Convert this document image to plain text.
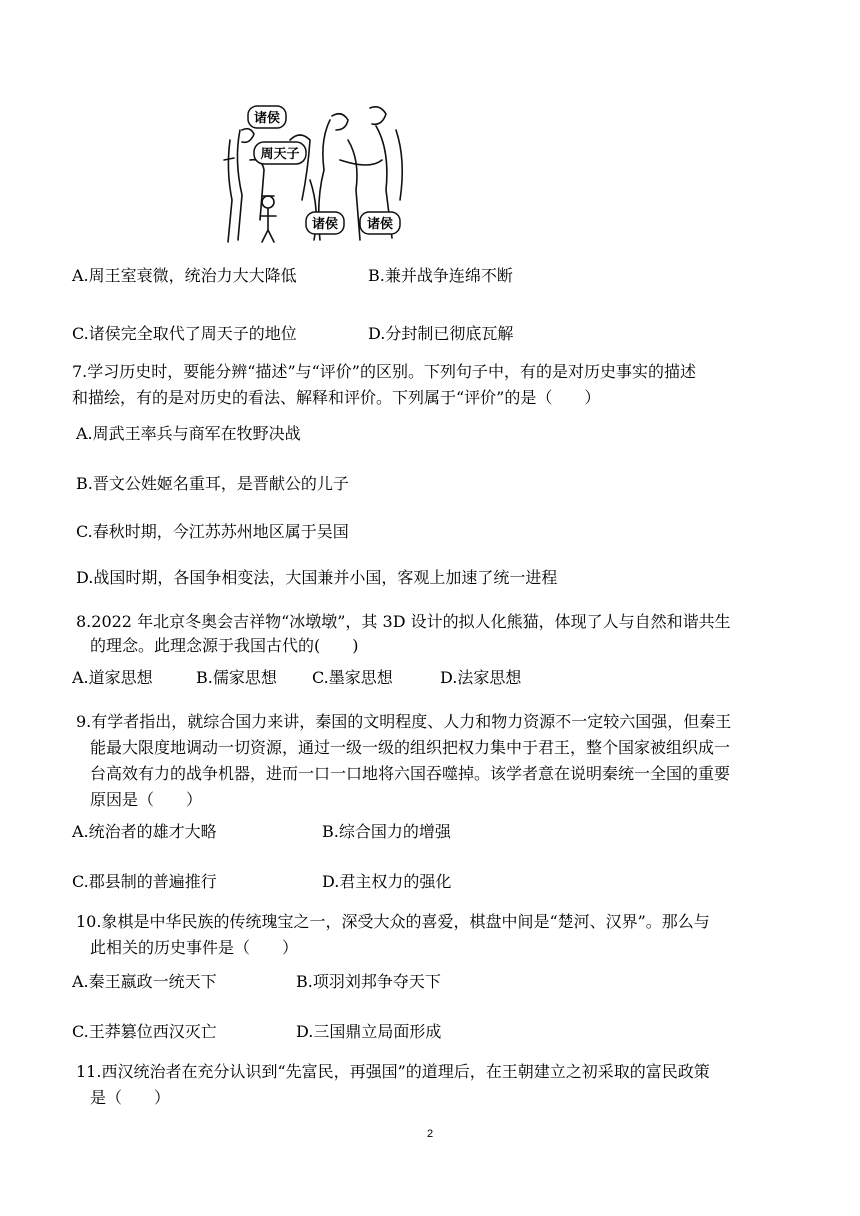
诸侯
周天子
诸侯 诸侯
A.周王室衰微，统治力大大降低	B.兼并战争连绵不断
C.诸侯完全取代了周天子的地位	D.分封制已彻底瓦解
7.学习历史时，要能分辨“描述”与“评价”的区别。下列句子中，有的是对历史事实的描述
和描绘，有的是对历史的看法、解释和评价。下列属于“评价”的是（　　）
A.周武王率兵与商军在牧野决战
B.晋文公姓姬名重耳，是晋献公的儿子
C.春秋时期，今江苏苏州地区属于吴国
D.战国时期，各国争相变法，大国兼并小国，客观上加速了统一进程
8.2022 年北京冬奥会吉祥物“冰墩墩”，其 3D 设计的拟人化熊猫，体现了人与自然和谐共生
的理念。此理念源于我国古代的(　　)
A.道家思想	B.儒家思想 C.墨家思想	D.法家思想
9.有学者指出，就综合国力来讲，秦国的文明程度、人力和物力资源不一定较六国强，但秦王
能最大限度地调动一切资源，通过一级一级的组织把权力集中于君王，整个国家被组织成一
台高效有力的战争机器，进而一口一口地将六国吞噬掉。该学者意在说明秦统一全国的重要
原因是（　　）
A.统治者的雄才大略	B.综合国力的增强
C.郡县制的普遍推行	D.君主权力的强化
10.象棋是中华民族的传统瑰宝之一，深受大众的喜爱，棋盘中间是“楚河、汉界”。那么与
此相关的历史事件是（　　）
A.秦王嬴政一统天下	B.项羽刘邦争夺天下
C.王莽篡位西汉灭亡	D.三国鼎立局面形成
11.西汉统治者在充分认识到“先富民，再强国”的道理后，在王朝建立之初采取的富民政策
是（　　）
2
